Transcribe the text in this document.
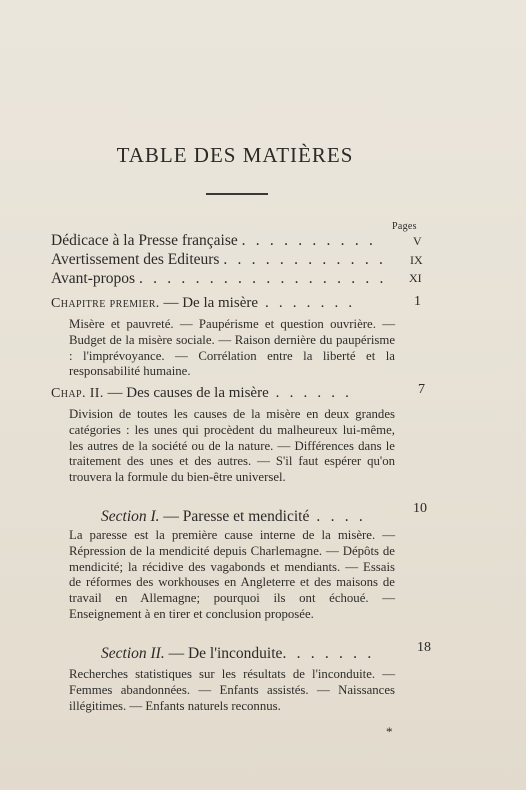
TABLE DES MATIÈRES
Pages
Dédicace à la Presse française . . . . . . . . . .	V
Avertissement des Editeurs . . . . . . . . . . . .	IX
Avant-propos . . . . . . . . . . . . . . . . . .	XI
Chapitre premier. — De la misère . . . . . . .	1
Misère et pauvreté. — Paupérisme et question ouvrière. — Budget de la misère sociale. — Raison dernière du paupérisme : l'imprévoyance. — Corrélation entre la liberté et la responsabilité humaine.
Chap. II. — Des causes de la misère . . . . . .	7
Division de toutes les causes de la misère en deux grandes catégories : les unes qui procèdent du malheureux lui-même, les autres de la société ou de la nature. — Différences dans le traitement des unes et des autres. — S'il faut espérer qu'on trouvera la formule du bien-être universel.
Section I. — Paresse et mendicité . . . .	10
La paresse est la première cause interne de la misère. — Répression de la mendicité depuis Charlemagne. — Dépôts de mendicité; la récidive des vagabonds et mendiants. — Essais de réformes des workhouses en Angleterre et des maisons de travail en Allemagne; pourquoi ils ont échoué. — Enseignement à en tirer et conclusion proposée.
Section II. — De l'inconduite. . . . . . .	18
Recherches statistiques sur les résultats de l'inconduite. — Femmes abandonnées. — Enfants assistés. — Naissances illégitimes. — Enfants naturels reconnus.
*
